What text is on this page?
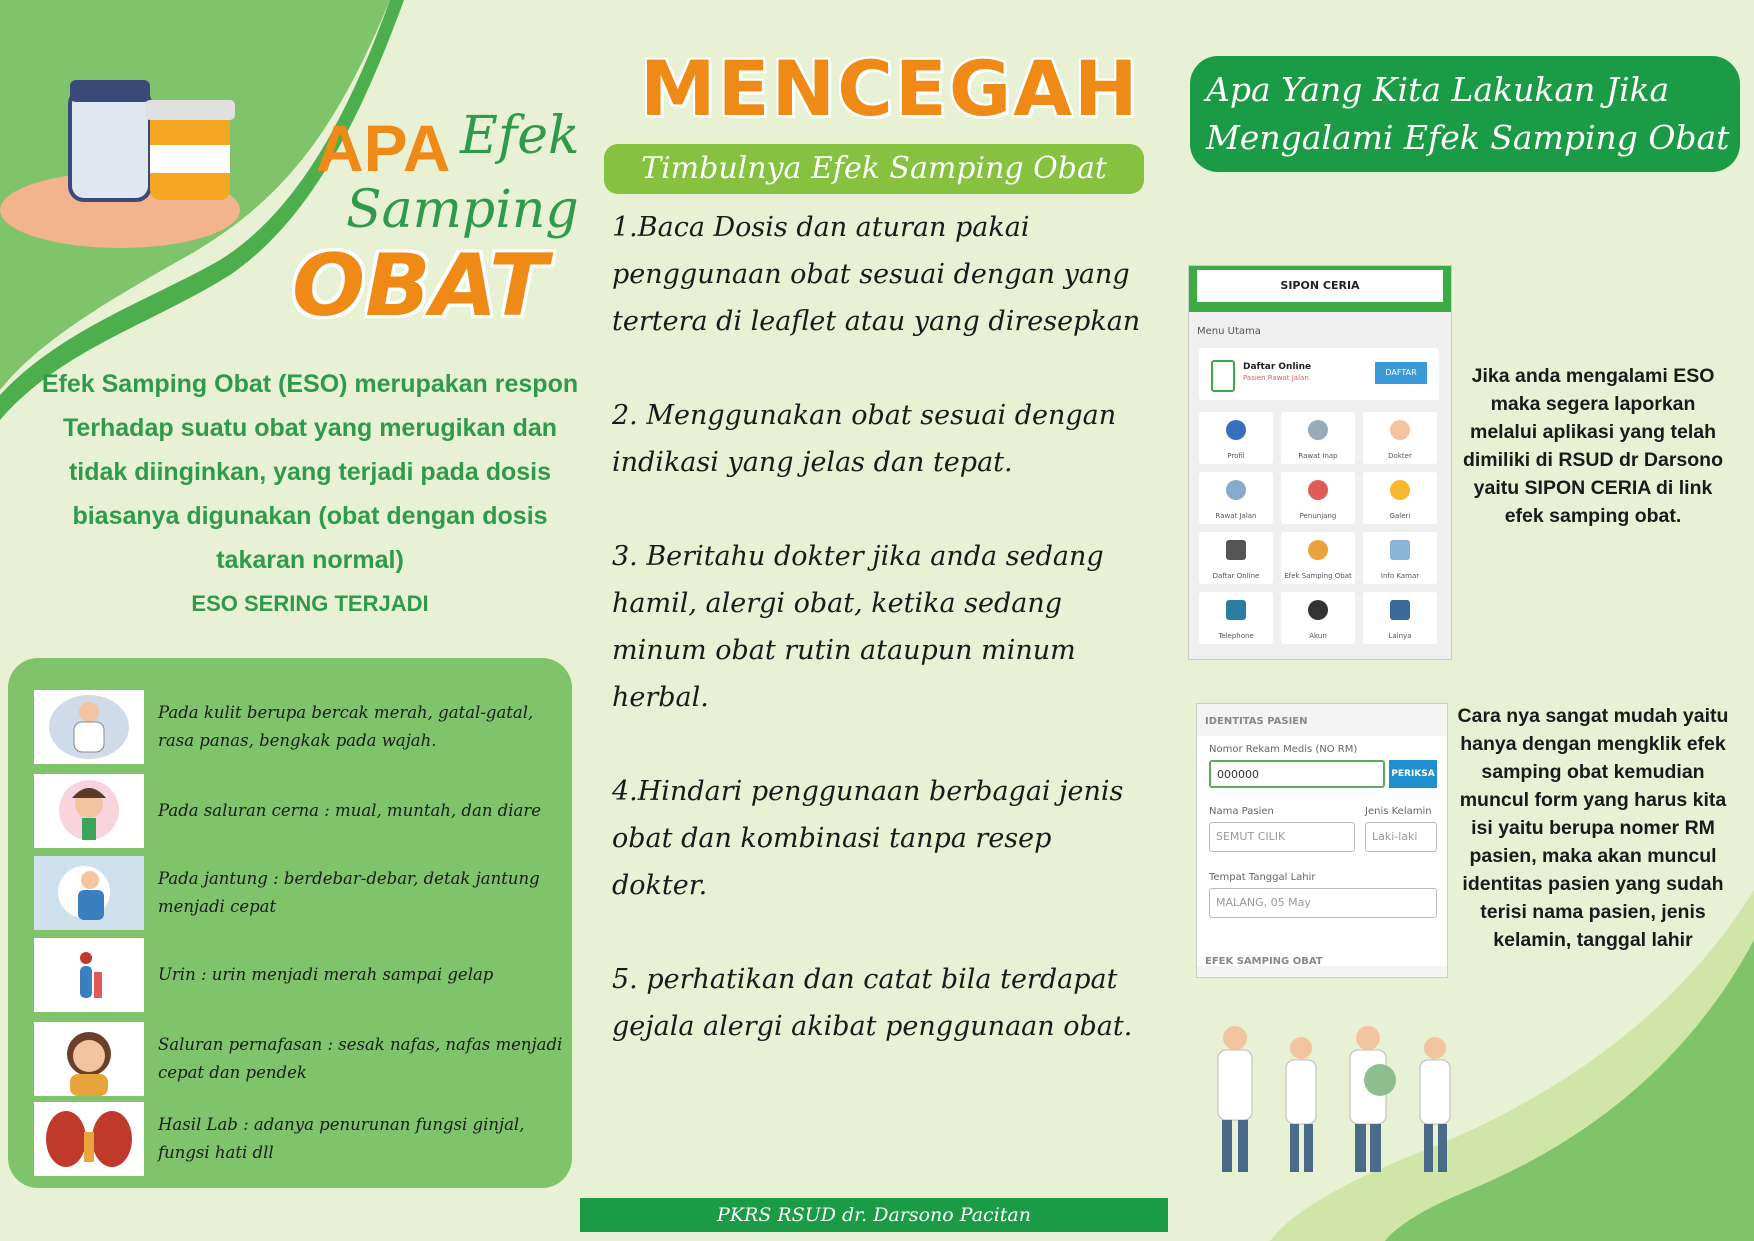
APA Efek
Samping
OBAT
Efek Samping Obat (ESO) merupakan respon Terhadap suatu obat yang merugikan dan tidak diinginkan, yang terjadi pada dosis biasanya digunakan (obat dengan dosis takaran normal)
ESO SERING TERJADI
Pada kulit berupa bercak merah, gatal-gatal, rasa panas, bengkak pada wajah.
Pada saluran cerna : mual, muntah, dan diare
Pada jantung : berdebar-debar, detak jantung menjadi cepat
Urin : urin menjadi merah sampai gelap
Saluran pernafasan : sesak nafas, nafas menjadi cepat dan pendek
Hasil Lab : adanya penurunan fungsi ginjal, fungsi hati dll
MENCEGAH
Timbulnya Efek Samping Obat
1.Baca Dosis dan aturan pakai penggunaan obat sesuai dengan yang tertera di leaflet atau yang diresepkan
2. Menggunakan obat sesuai dengan indikasi yang jelas dan tepat.
3. Beritahu dokter jika anda sedang hamil, alergi obat, ketika sedang minum obat rutin ataupun minum herbal.
4.Hindari penggunaan berbagai jenis obat dan kombinasi tanpa resep dokter.
5. perhatikan dan catat bila terdapat gejala alergi akibat penggunaan obat.
PKRS RSUD dr. Darsono Pacitan
Apa Yang Kita Lakukan Jika
Mengalami Efek Samping Obat
SIPON CERIA
Menu Utama
Daftar Online
Pasien Rawat Jalan
DAFTAR
Profil	Rawat Inap	Dokter
Rawat Jalan	Penunjang	Galeri
Daftar Online	Efek Samping Obat	Info Kamar
Telephone	Akun	Lainya
Jika anda mengalami ESO maka segera laporkan melalui aplikasi yang telah dimiliki di RSUD dr Darsono yaitu SIPON CERIA di link efek samping obat.
IDENTITAS PASIEN
Nomor Rekam Medis (NO RM)
000000	PERIKSA
Nama Pasien	Jenis Kelamin
SEMUT CILIK	Laki-laki
Tempat Tanggal Lahir
MALANG, 05 May
EFEK SAMPING OBAT
Cara nya sangat mudah yaitu hanya dengan mengklik efek samping obat kemudian muncul form yang harus kita isi yaitu berupa nomer RM pasien, maka akan muncul identitas pasien yang sudah terisi nama pasien, jenis kelamin, tanggal lahir
